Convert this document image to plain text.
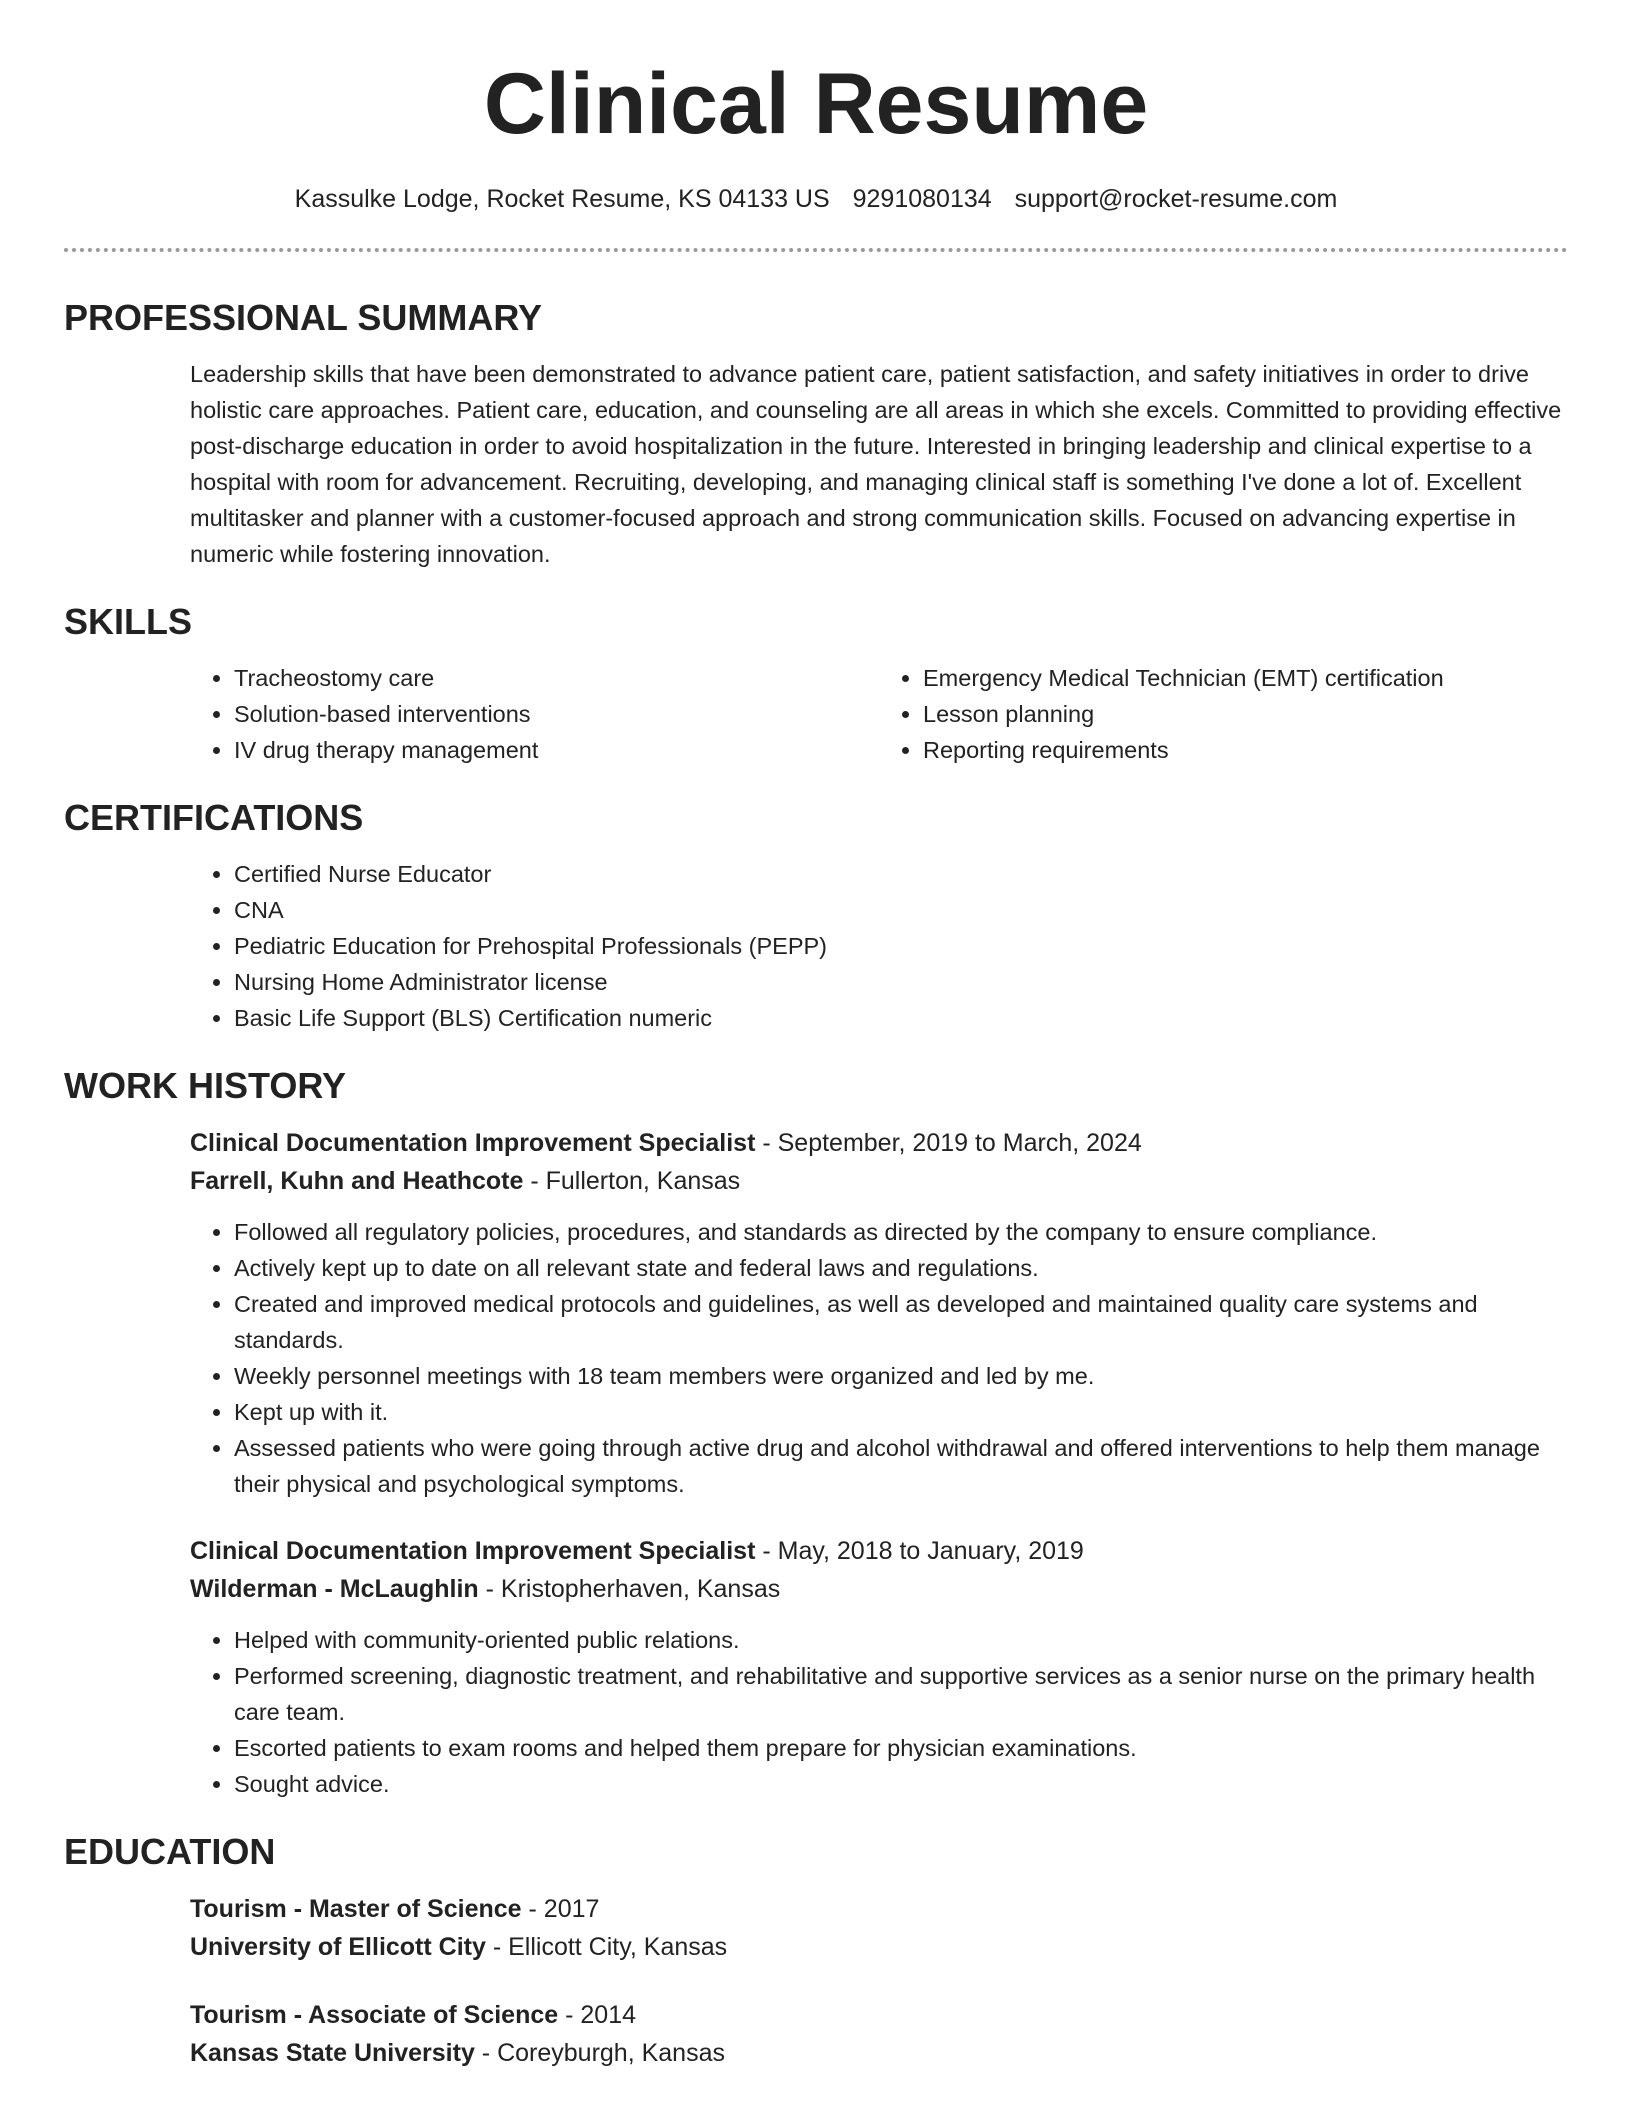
Clinical Resume
Kassulke Lodge, Rocket Resume, KS 04133 US 9291080134 support@rocket-resume.com
PROFESSIONAL SUMMARY

Leadership skills that have been demonstrated to advance patient care, patient satisfaction, and safety initiatives in order to drive holistic care approaches. Patient care, education, and counseling are all areas in which she excels. Committed to providing effective post-discharge education in order to avoid hospitalization in the future. Interested in bringing leadership and clinical expertise to a hospital with room for advancement. Recruiting, developing, and managing clinical staff is something I've done a lot of. Excellent multitasker and planner with a customer-focused approach and strong communication skills. Focused on advancing expertise in numeric while fostering innovation.

SKILLS
• Tracheostomy care
• Solution-based interventions
• IV drug therapy management
• Emergency Medical Technician (EMT) certification
• Lesson planning
• Reporting requirements
CERTIFICATIONS
• Certified Nurse Educator
• CNA
• Pediatric Education for Prehospital Professionals (PEPP)
• Nursing Home Administrator license
• Basic Life Support (BLS) Certification numeric
WORK HISTORY
Clinical Documentation Improvement Specialist - September, 2019 to March, 2024
Farrell, Kuhn and Heathcote - Fullerton, Kansas
• Followed all regulatory policies, procedures, and standards as directed by the company to ensure compliance.
• Actively kept up to date on all relevant state and federal laws and regulations.
• Created and improved medical protocols and guidelines, as well as developed and maintained quality care systems and standards.
• Weekly personnel meetings with 18 team members were organized and led by me.
• Kept up with it.
• Assessed patients who were going through active drug and alcohol withdrawal and offered interventions to help them manage their physical and psychological symptoms.
Clinical Documentation Improvement Specialist - May, 2018 to January, 2019
Wilderman - McLaughlin - Kristopherhaven, Kansas
• Helped with community-oriented public relations.
• Performed screening, diagnostic treatment, and rehabilitative and supportive services as a senior nurse on the primary health care team.
• Escorted patients to exam rooms and helped them prepare for physician examinations.
• Sought advice.
EDUCATION
Tourism - Master of Science - 2017
University of Ellicott City - Ellicott City, Kansas
Tourism - Associate of Science - 2014
Kansas State University - Coreyburgh, Kansas
